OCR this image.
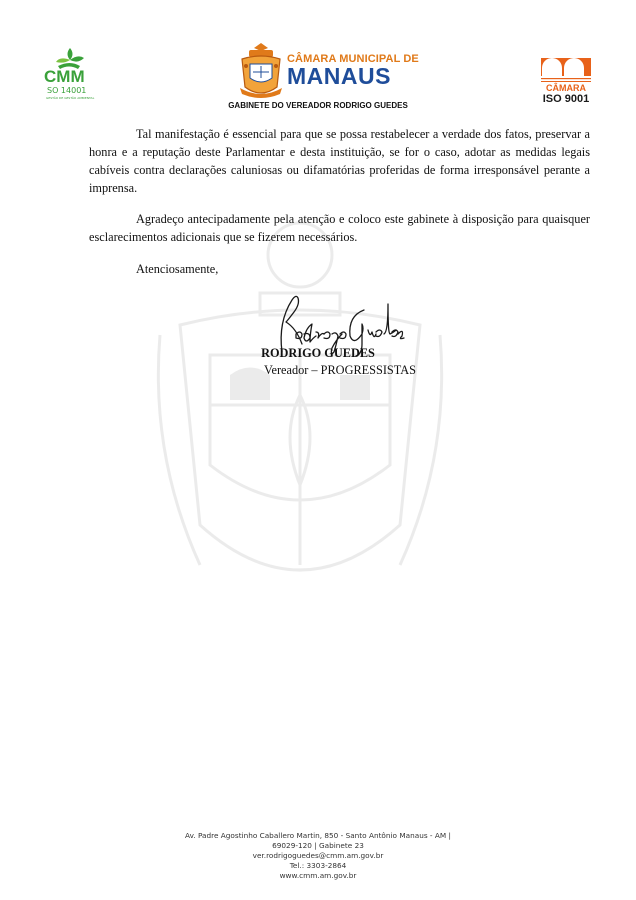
CMM
SO 14001
GESTÃO DE GESTÃO AMBIENTAL
CÂMARA MUNICIPAL DE
MANAUS	CÂMARA
ISO 9001
GABINETE DO VEREADOR RODRIGO GUEDES
Tal manifestação é essencial para que se possa restabelecer a verdade dos fatos, preservar a honra e a reputação deste Parlamentar e desta instituição, se for o caso, adotar as medidas legais cabíveis contra declarações caluniosas ou difamatórias proferidas de forma irresponsável perante a imprensa.
Agradeço antecipadamente pela atenção e coloco este gabinete à disposição para quaisquer esclarecimentos adicionais que se fizerem necessários.
Atenciosamente,
RODRIGO GUEDES
Vereador – PROGRESSISTAS
Av. Padre Agostinho Caballero Martin, 850 - Santo Antônio Manaus - AM |
69029-120 | Gabinete 23
ver.rodrigoguedes@cmm.am.gov.br
Tel.: 3303-2864
www.cmm.am.gov.br
